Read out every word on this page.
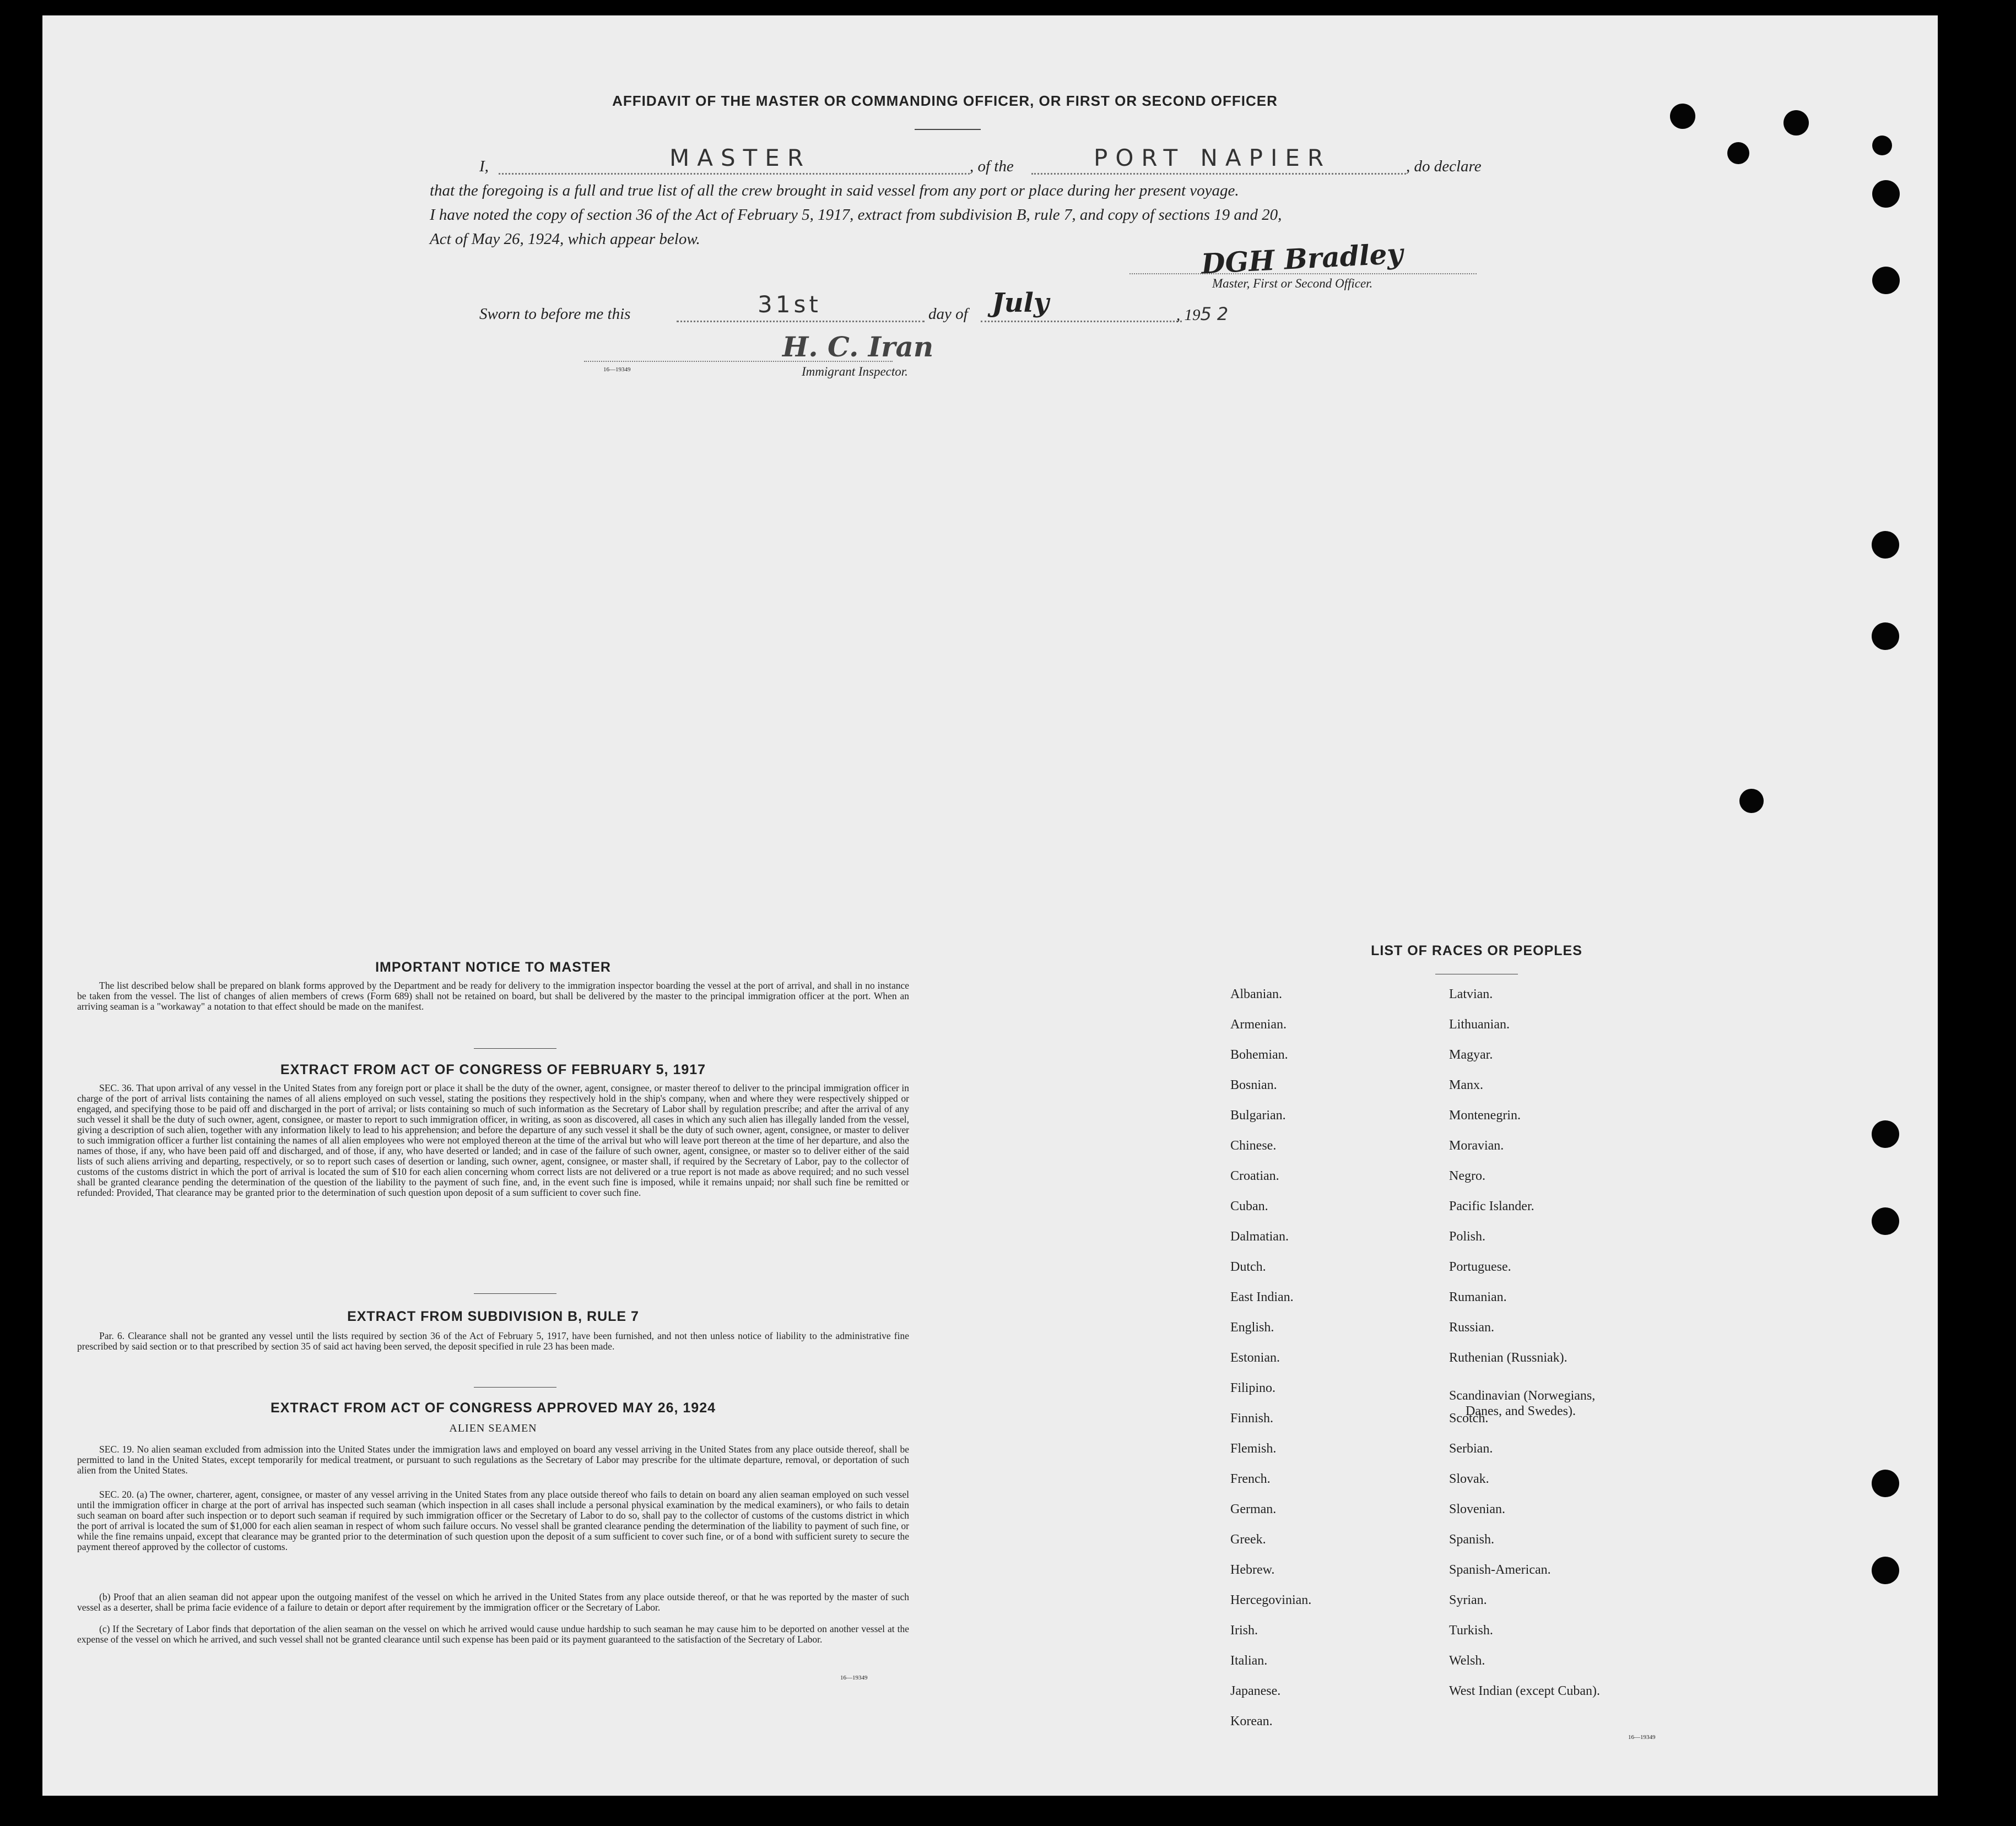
AFFIDAVIT OF THE MASTER OR COMMANDING OFFICER, OR FIRST OR SECOND OFFICER
I,	MASTER	, of the	PORT NAPIER	, do declare
that the foregoing is a full and true list of all the crew brought in said vessel from any port or place during her present voyage.
I have noted the copy of section 36 of the Act of February 5, 1917, extract from subdivision B, rule 7, and copy of sections 19 and 20,
Act of May 26, 1924, which appear below.	DGH Bradley
Master, First or Second Officer.
Sworn to before me this	31st	day of July	, 1952
16—19349
H. C. Iran
Immigrant Inspector.
IMPORTANT NOTICE TO MASTER
The list described below shall be prepared on blank forms approved by the Department and be ready for delivery to the immigration inspector boarding the vessel at the port of arrival, and shall in no instance be taken from the vessel. The list of changes of alien members of crews (Form 689) shall not be retained on board, but shall be delivered by the master to the principal immigration officer at the port. When an arriving seaman is a "workaway" a notation to that effect should be made on the manifest.
EXTRACT FROM ACT OF CONGRESS OF FEBRUARY 5, 1917
SEC. 36. That upon arrival of any vessel in the United States from any foreign port or place it shall be the duty of the owner, agent, consignee, or master thereof to deliver to the principal immigration officer in charge of the port of arrival lists containing the names of all aliens employed on such vessel, stating the positions they respectively hold in the ship's company, when and where they were respectively shipped or engaged, and specifying those to be paid off and discharged in the port of arrival; or lists containing so much of such information as the Secretary of Labor shall by regulation prescribe; and after the arrival of any such vessel it shall be the duty of such owner, agent, consignee, or master to report to such immigration officer, in writing, as soon as discovered, all cases in which any such alien has illegally landed from the vessel, giving a description of such alien, together with any information likely to lead to his apprehension; and before the departure of any such vessel it shall be the duty of such owner, agent, consignee, or master to deliver to such immigration officer a further list containing the names of all alien employees who were not employed thereon at the time of the arrival but who will leave port thereon at the time of her departure, and also the names of those, if any, who have been paid off and discharged, and of those, if any, who have deserted or landed; and in case of the failure of such owner, agent, consignee, or master so to deliver either of the said lists of such aliens arriving and departing, respectively, or so to report such cases of desertion or landing, such owner, agent, consignee, or master shall, if required by the Secretary of Labor, pay to the collector of customs of the customs district in which the port of arrival is located the sum of $10 for each alien concerning whom correct lists are not delivered or a true report is not made as above required; and no such vessel shall be granted clearance pending the determination of the question of the liability to the payment of such fine, and, in the event such fine is imposed, while it remains unpaid; nor shall such fine be remitted or refunded: Provided, That clearance may be granted prior to the determination of such question upon deposit of a sum sufficient to cover such fine.
EXTRACT FROM SUBDIVISION B, RULE 7
Par. 6. Clearance shall not be granted any vessel until the lists required by section 36 of the Act of February 5, 1917, have been furnished, and not then unless notice of liability to the administrative fine prescribed by said section or to that prescribed by section 35 of said act having been served, the deposit specified in rule 23 has been made.
EXTRACT FROM ACT OF CONGRESS APPROVED MAY 26, 1924
ALIEN SEAMEN
SEC. 19. No alien seaman excluded from admission into the United States under the immigration laws and employed on board any vessel arriving in the United States from any place outside thereof, shall be permitted to land in the United States, except temporarily for medical treatment, or pursuant to such regulations as the Secretary of Labor may prescribe for the ultimate departure, removal, or deportation of such alien from the United States.
SEC. 20. (a) The owner, charterer, agent, consignee, or master of any vessel arriving in the United States from any place outside thereof who fails to detain on board any alien seaman employed on such vessel until the immigration officer in charge at the port of arrival has inspected such seaman (which inspection in all cases shall include a personal physical examination by the medical examiners), or who fails to detain such seaman on board after such inspection or to deport such seaman if required by such immigration officer or the Secretary of Labor to do so, shall pay to the collector of customs of the customs district in which the port of arrival is located the sum of $1,000 for each alien seaman in respect of whom such failure occurs. No vessel shall be granted clearance pending the determination of the liability to payment of such fine, or while the fine remains unpaid, except that clearance may be granted prior to the determination of such question upon the deposit of a sum sufficient to cover such fine, or of a bond with sufficient surety to secure the payment thereof approved by the collector of customs.
(b) Proof that an alien seaman did not appear upon the outgoing manifest of the vessel on which he arrived in the United States from any place outside thereof, or that he was reported by the master of such vessel as a deserter, shall be prima facie evidence of a failure to detain or deport after requirement by the immigration officer or the Secretary of Labor.
(c) If the Secretary of Labor finds that deportation of the alien seaman on the vessel on which he arrived would cause undue hardship to such seaman he may cause him to be deported on another vessel at the expense of the vessel on which he arrived, and such vessel shall not be granted clearance until such expense has been paid or its payment guaranteed to the satisfaction of the Secretary of Labor.
16—19349
LIST OF RACES OR PEOPLES
16—19349
Albanian.
Armenian.
Bohemian.
Bosnian.
Bulgarian.
Chinese.
Croatian.
Cuban.
Dalmatian.
Dutch.
East Indian.
English.
Estonian.
Filipino.
Finnish.
Flemish.
French.
German.
Greek.
Hebrew.
Hercegovinian.
Irish.
Italian.
Japanese.
Korean.
Latvian.
Lithuanian.
Magyar.
Manx.
Montenegrin.
Moravian.
Negro.
Pacific Islander.
Polish.
Portuguese.
Rumanian.
Russian.
Ruthenian (Russniak).
Scandinavian (Norwegians,
Danes, and Swedes).
Scotch.
Serbian.
Slovak.
Slovenian.
Spanish.
Spanish-American.
Syrian.
Turkish.
Welsh.
West Indian (except Cuban).
